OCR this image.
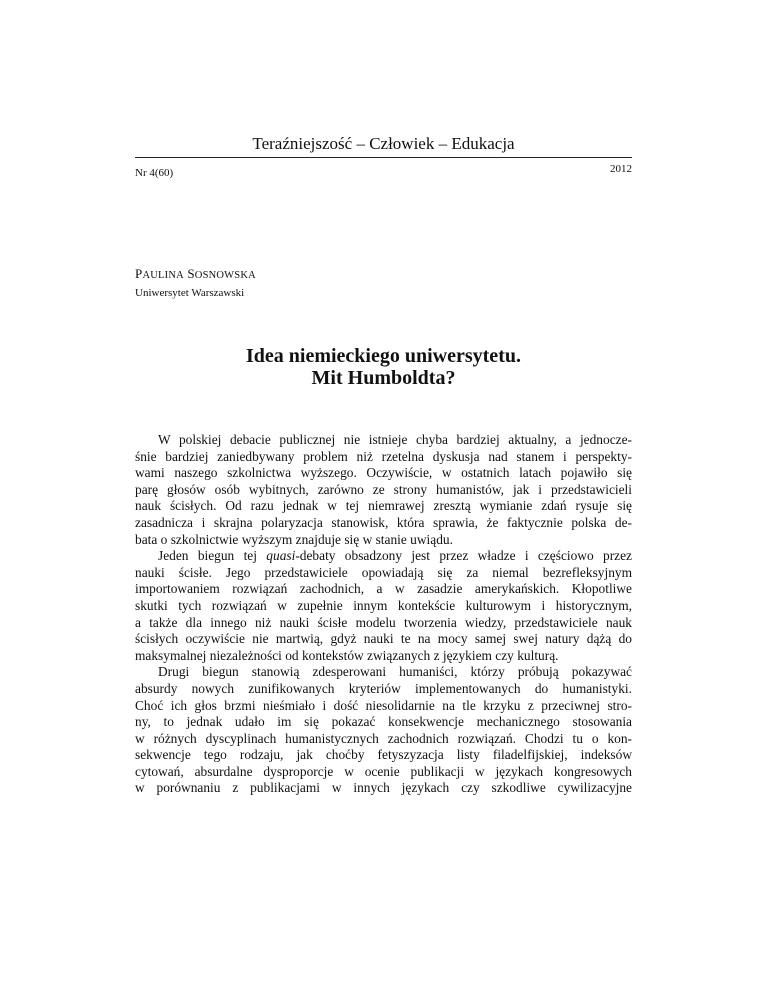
Teraźniejszość – Człowiek – Edukacja
Nr 4(60)	2012
PAULINA SOSNOWSKA
Uniwersytet Warszawski
Idea niemieckiego uniwersytetu.
Mit Humboldta?
W polskiej debacie publicznej nie istnieje chyba bardziej aktualny, a jednocze-
śnie bardziej zaniedbywany problem niż rzetelna dyskusja nad stanem i perspekty-
wami naszego szkolnictwa wyższego. Oczywiście, w ostatnich latach pojawiło się
parę głosów osób wybitnych, zarówno ze strony humanistów, jak i przedstawicieli
nauk ścisłych. Od razu jednak w tej niemrawej zresztą wymianie zdań rysuje się
zasadnicza i skrajna polaryzacja stanowisk, która sprawia, że faktycznie polska de-
bata o szkolnictwie wyższym znajduje się w stanie uwiądu.
Jeden biegun tej quasi-debaty obsadzony jest przez władze i częściowo przez
nauki ścisłe. Jego przedstawiciele opowiadają się za niemal bezrefleksyjnym
importowaniem rozwiązań zachodnich, a w zasadzie amerykańskich. Kłopotliwe
skutki tych rozwiązań w zupełnie innym kontekście kulturowym i historycznym,
a także dla innego niż nauki ścisłe modelu tworzenia wiedzy, przedstawiciele nauk
ścisłych oczywiście nie martwią, gdyż nauki te na mocy samej swej natury dążą do
maksymalnej niezależności od kontekstów związanych z językiem czy kulturą.
Drugi biegun stanowią zdesperowani humaniści, którzy próbują pokazywać
absurdy nowych zunifikowanych kryteriów implementowanych do humanistyki.
Choć ich głos brzmi nieśmiało i dość niesolidarnie na tle krzyku z przeciwnej stro-
ny, to jednak udało im się pokazać konsekwencje mechanicznego stosowania
w różnych dyscyplinach humanistycznych zachodnich rozwiązań. Chodzi tu o kon-
sekwencje tego rodzaju, jak choćby fetyszyzacja listy filadelfijskiej, indeksów
cytowań, absurdalne dysproporcje w ocenie publikacji w językach kongresowych
w porównaniu z publikacjami w innych językach czy szkodliwe cywilizacyjne
